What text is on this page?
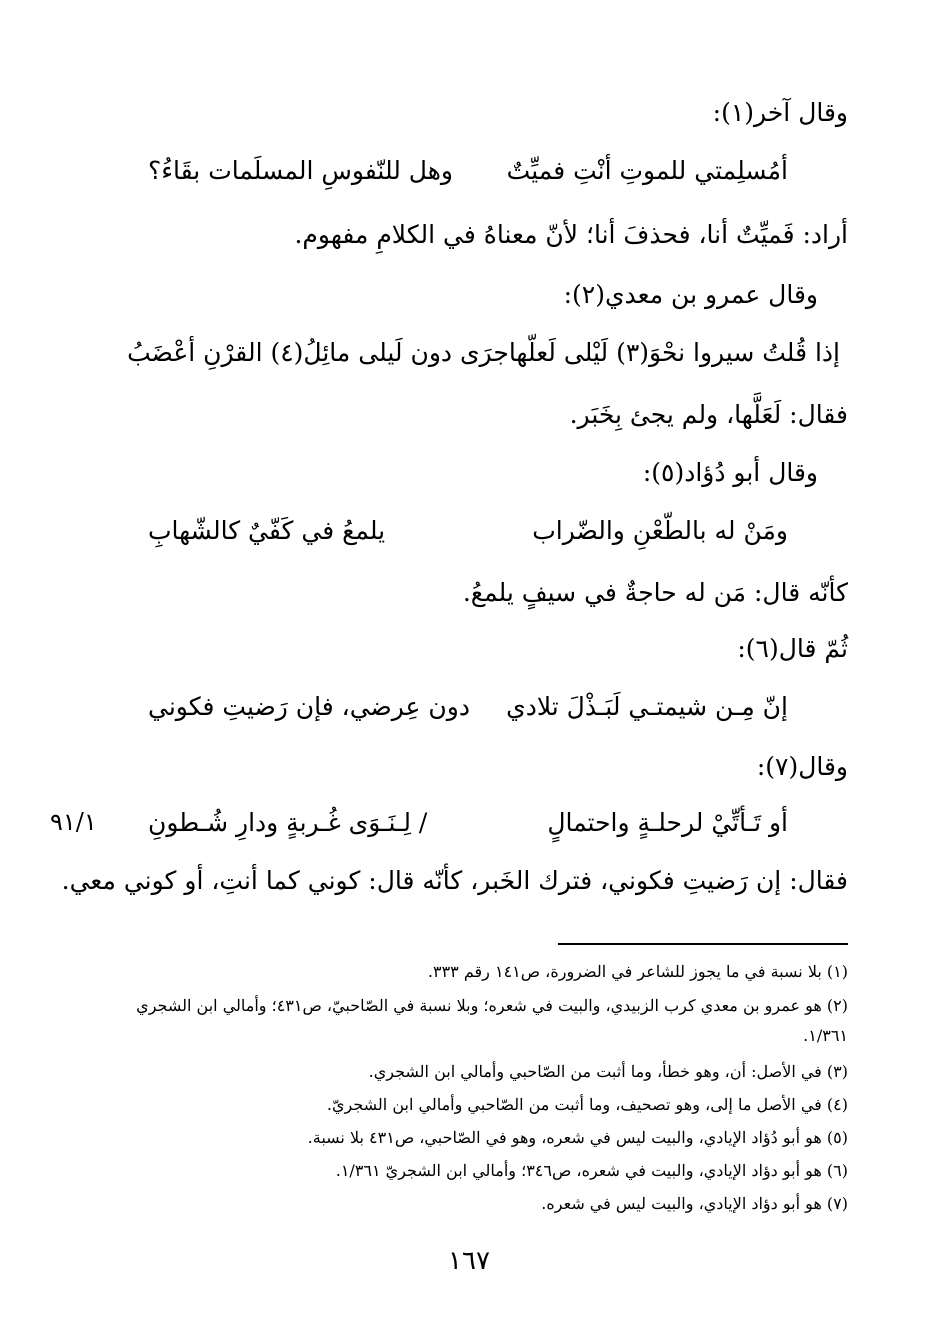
وقال آخر(١):
أمُسلِمتي للموتِ أنْتِ فميِّتٌ
وهل للنّفوسِ المسلَمات بقَاءُ؟
أراد: فَميِّتٌ أنا، فحذفَ أنا؛ لأنّ معناهُ في الكلامِ مفهوم.
وقال عمرو بن معدي(٢):
إذا قُلتُ سيروا نحْوَ(٣) لَيْلى لَعلّها
جرَى دون لَيلى مائِلُ(٤) القرْنِ أعْضَبُ
فقال: لَعَلَّها، ولم يجئ بِخَبَر.
وقال أبو دُؤاد(٥):
ومَنْ له بالطّعْنِ والضّراب
يلمعُ في كَفّيٌ كالشّهابِ
كأنّه قال: مَن له حاجةٌ في سيفٍ يلمعُ.
ثُمّ قال(٦):
إنّ مِـن شيمتـي لَبَـذْلَ تلادي
دون عِرضي، فإن رَضيتِ فكوني
وقال(٧):
أو تَـأتِّيْ لرحلـةٍ واحتمالٍ
/ لِـنَـوَى غُـربةٍ ودارِ شُـطونِ
٩١/١
فقال: إن رَضيتِ فكوني، فترك الخَبر، كأنّه قال: كوني كما أنتِ، أو كوني معي.
(١) بلا نسبة في ما يجوز للشاعر في الضرورة، ص١٤١ رقم ٣٣٣.
(٢) هو عمرو بن معدي كرب الزبيدي، والبيت في شعره؛ وبلا نسبة في الصّاحبيّ، ص٤٣١؛ وأمالي ابن الشجري ١/٣٦١.
(٣) في الأصل: أن، وهو خطأ، وما أثبت من الصّاحبي وأمالي ابن الشجري.
(٤) في الأصل ما إلى، وهو تصحيف، وما أثبت من الصّاحبي وأمالي ابن الشجريّ.
(٥) هو أبو دُؤاد الإيادي، والبيت ليس في شعره، وهو في الصّاحبي، ص٤٣١ بلا نسبة.
(٦) هو أبو دؤاد الإيادي، والبيت في شعره، ص٣٤٦؛ وأمالي ابن الشجريّ ١/٣٦١.
(٧) هو أبو دؤاد الإيادي، والبيت ليس في شعره.
١٦٧
